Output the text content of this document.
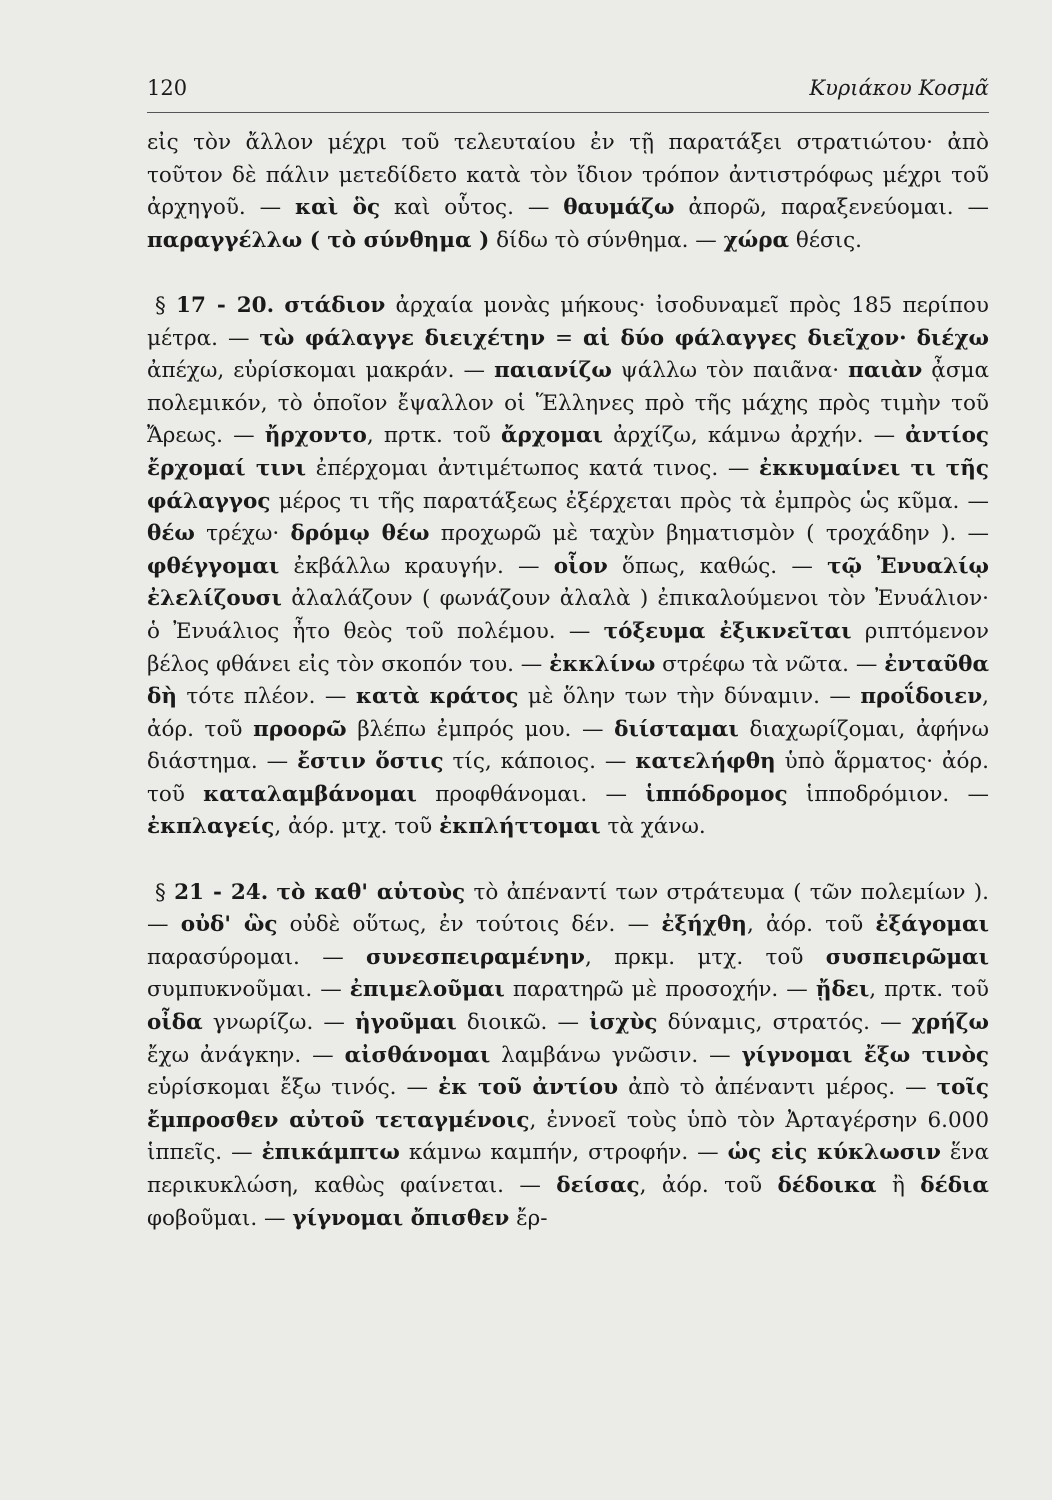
120	Κυριάκου Κοσμᾶ

εἰς τὸν ἄλλον μέχρι τοῦ τελευταίου ἐν τῇ παρατάξει στρατιώτου· ἀπὸ τοῦτον δὲ πάλιν μετεδίδετο κατὰ τὸν ἴδιον τρόπον ἀντιστρόφως μέχρι τοῦ ἀρχηγοῦ. — καὶ ὃς καὶ οὗτος. — θαυμάζω ἀπορῶ, παραξενεύομαι. — παραγγέλλω ( τὸ σύνθημα ) δίδω τὸ σύνθημα. — χώρα θέσις.

§ 17 - 20. στάδιον ἀρχαία μονὰς μήκους· ἰσοδυναμεῖ πρὸς 185 περίπου μέτρα. — τὼ φάλαγγε διειχέτην = αἱ δύο φάλαγγες διεῖχον· διέχω ἀπέχω, εὑρίσκομαι μακράν. — παιανίζω ψάλλω τὸν παιᾶνα· παιὰν ᾆσμα πολεμικόν, τὸ ὁποῖον ἔψαλλον οἱ Ἕλληνες πρὸ τῆς μάχης πρὸς τιμὴν τοῦ Ἄρεως. — ἤρχοντο, πρτκ. τοῦ ἄρχομαι ἀρχίζω, κάμνω ἀρχήν. — ἀντίος ἔρχομαί τινι ἐπέρχομαι ἀντιμέτωπος κατά τινος. — ἐκκυμαίνει τι τῆς φάλαγγος μέρος τι τῆς παρατάξεως ἐξέρχεται πρὸς τὰ ἐμπρὸς ὡς κῦμα. — θέω τρέχω· δρόμῳ θέω προχωρῶ μὲ ταχὺν βηματισμὸν ( τροχάδην ). — φθέγγομαι ἐκβάλλω κραυγήν. — οἷον ὅπως, καθώς. — τῷ Ἐνυαλίῳ ἐλελίζουσι ἀλαλάζουν ( φωνάζουν ἀλαλὰ ) ἐπικαλούμενοι τὸν Ἐνυάλιον· ὁ Ἐνυάλιος ἦτο θεὸς τοῦ πολέμου. — τόξευμα ἐξικνεῖται ριπτόμενον βέλος φθάνει εἰς τὸν σκοπόν του. — ἐκκλίνω στρέφω τὰ νῶτα. — ἐνταῦθα δὴ τότε πλέον. — κατὰ κράτος μὲ ὅλην των τὴν δύναμιν. — προΐδοιεν, ἀόρ. τοῦ προορῶ βλέπω ἐμπρός μου. — διίσταμαι διαχωρίζομαι, ἀφήνω διάστημα. — ἔστιν ὅστις τίς, κάποιος. — κατελήφθη ὑπὸ ἅρματος· ἀόρ. τοῦ καταλαμβάνομαι προφθάνομαι. — ἱππόδρομος ἱπποδρόμιον. — ἐκπλαγείς, ἀόρ. μτχ. τοῦ ἐκπλήττομαι τὰ χάνω.

§ 21 - 24. τὸ καθ' αὑτοὺς τὸ ἀπέναντί των στράτευμα ( τῶν πολεμίων ). — οὐδ' ὣς οὐδὲ οὕτως, ἐν τούτοις δέν. — ἐξήχθη, ἀόρ. τοῦ ἐξάγομαι παρασύρομαι. — συνεσπειραμένην, πρκμ. μτχ. τοῦ συσπειρῶμαι συμπυκνοῦμαι. — ἐπιμελοῦμαι παρατηρῶ μὲ προσοχήν. — ᾔδει, πρτκ. τοῦ οἶδα γνωρίζω. — ἡγοῦμαι διοικῶ. — ἰσχὺς δύναμις, στρατός. — χρήζω ἔχω ἀνάγκην. — αἰσθάνομαι λαμβάνω γνῶσιν. — γίγνομαι ἔξω τινὸς εὑρίσκομαι ἔξω τινός. — ἐκ τοῦ ἀντίου ἀπὸ τὸ ἀπέναντι μέρος. — τοῖς ἔμπροσθεν αὐτοῦ τεταγμένοις, ἐννοεῖ τοὺς ὑπὸ τὸν Ἀρταγέρσην 6.000 ἱππεῖς. — ἐπικάμπτω κάμνω καμπήν, στροφήν. — ὡς εἰς κύκλωσιν ἕνα περικυκλώση, καθὼς φαίνεται. — δείσας, ἀόρ. τοῦ δέδοικα ἢ δέδια φοβοῦμαι. — γίγνομαι ὄπισθεν ἔρ-
